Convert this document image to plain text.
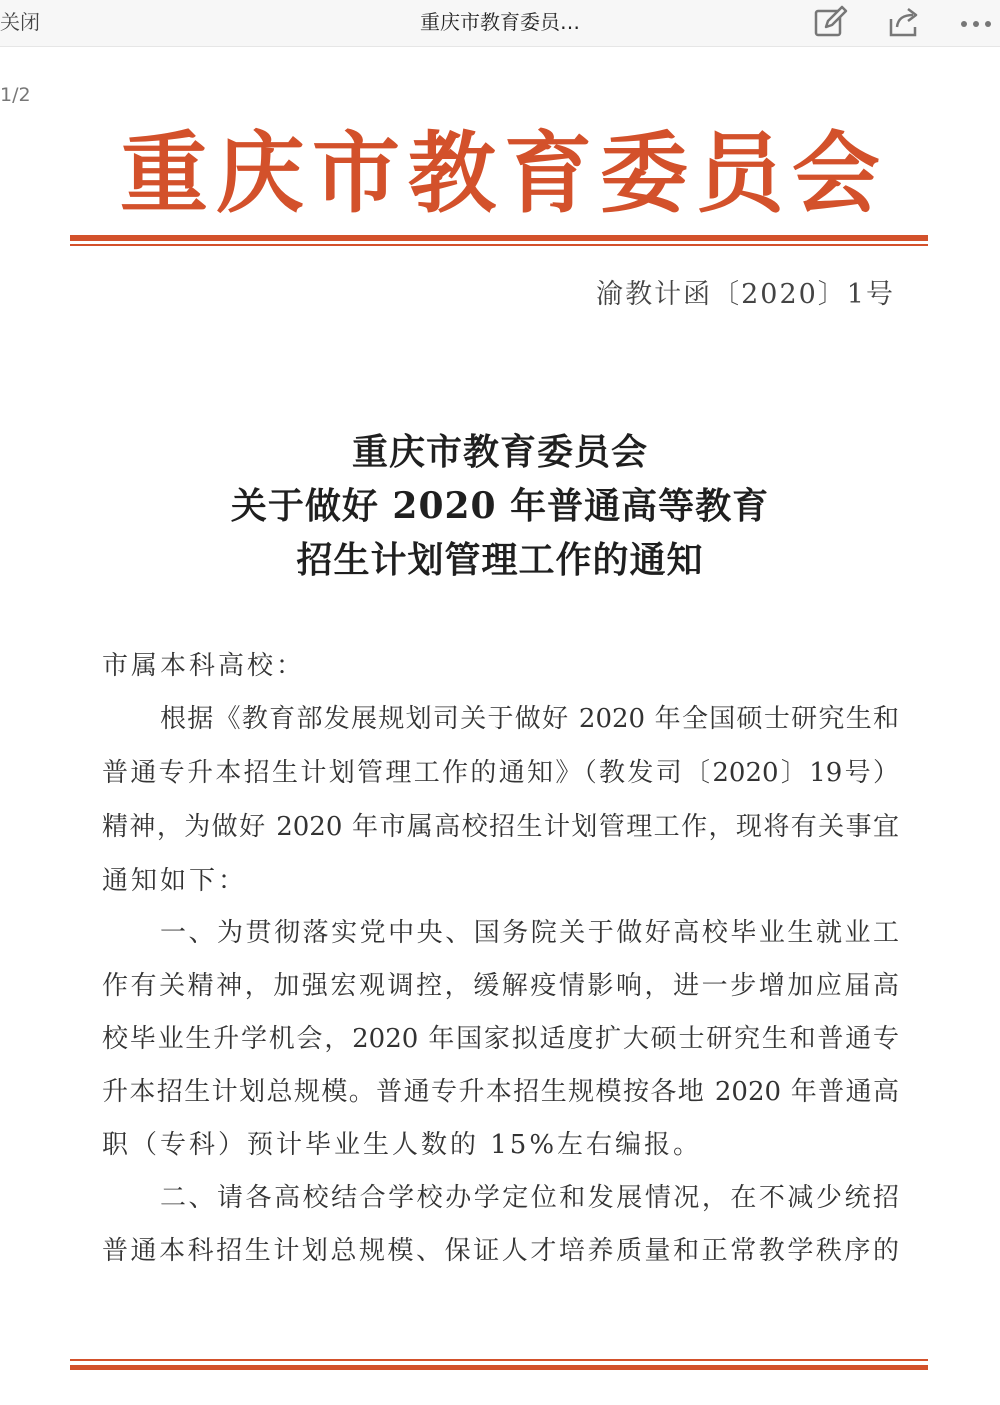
关闭	重庆市教育委员…
1/2
重 庆 市 教 育 委 员 会
渝教计函〔2020〕1号
重庆市教育委员会
关于做好 2020 年普通高等教育
招生计划管理工作的通知
市属本科高校：
根据《教育部发展规划司关于做好 2020 年全国硕士研究生和
普通专升本招生计划管理工作的通知》（教发司〔2020〕19号）
精神，为做好 2020 年市属高校招生计划管理工作，现将有关事宜
通知如下：
一、为贯彻落实党中央、国务院关于做好高校毕业生就业工
作有关精神，加强宏观调控，缓解疫情影响，进一步增加应届高
校毕业生升学机会，2020 年国家拟适度扩大硕士研究生和普通专
升本招生计划总规模。普通专升本招生规模按各地 2020 年普通高
职（专科）预计毕业生人数的 15%左右编报。
二、请各高校结合学校办学定位和发展情况，在不减少统招
普通本科招生计划总规模、保证人才培养质量和正常教学秩序的
